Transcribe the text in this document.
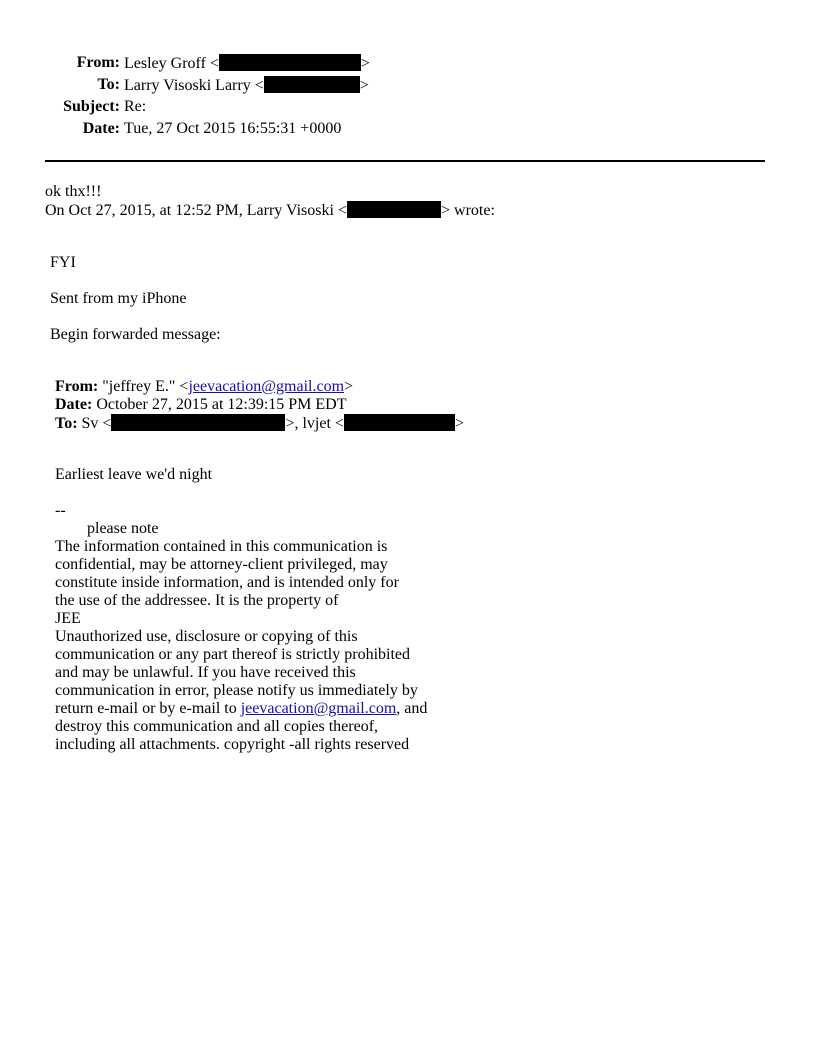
From: Lesley Groff <	>
To: Larry Visoski Larry <	>
Subject: Re:
Date: Tue, 27 Oct 2015 16:55:31 +0000
ok thx!!!
On Oct 27, 2015, at 12:52 PM, Larry Visoski <	> wrote:
FYI
Sent from my iPhone
Begin forwarded message:
From: "jeffrey E." <jeevacation@gmail.com>
Date: October 27, 2015 at 12:39:15 PM EDT
To: Sv <	>, lvjet <	>
Earliest leave we'd night
--
please note
The information contained in this communication is
confidential, may be attorney-client privileged, may
constitute inside information, and is intended only for
the use of the addressee. It is the property of
JEE
Unauthorized use, disclosure or copying of this
communication or any part thereof is strictly prohibited
and may be unlawful. If you have received this
communication in error, please notify us immediately by
return e-mail or by e-mail to jeevacation@gmail.com, and
destroy this communication and all copies thereof,
including all attachments. copyright -all rights reserved
